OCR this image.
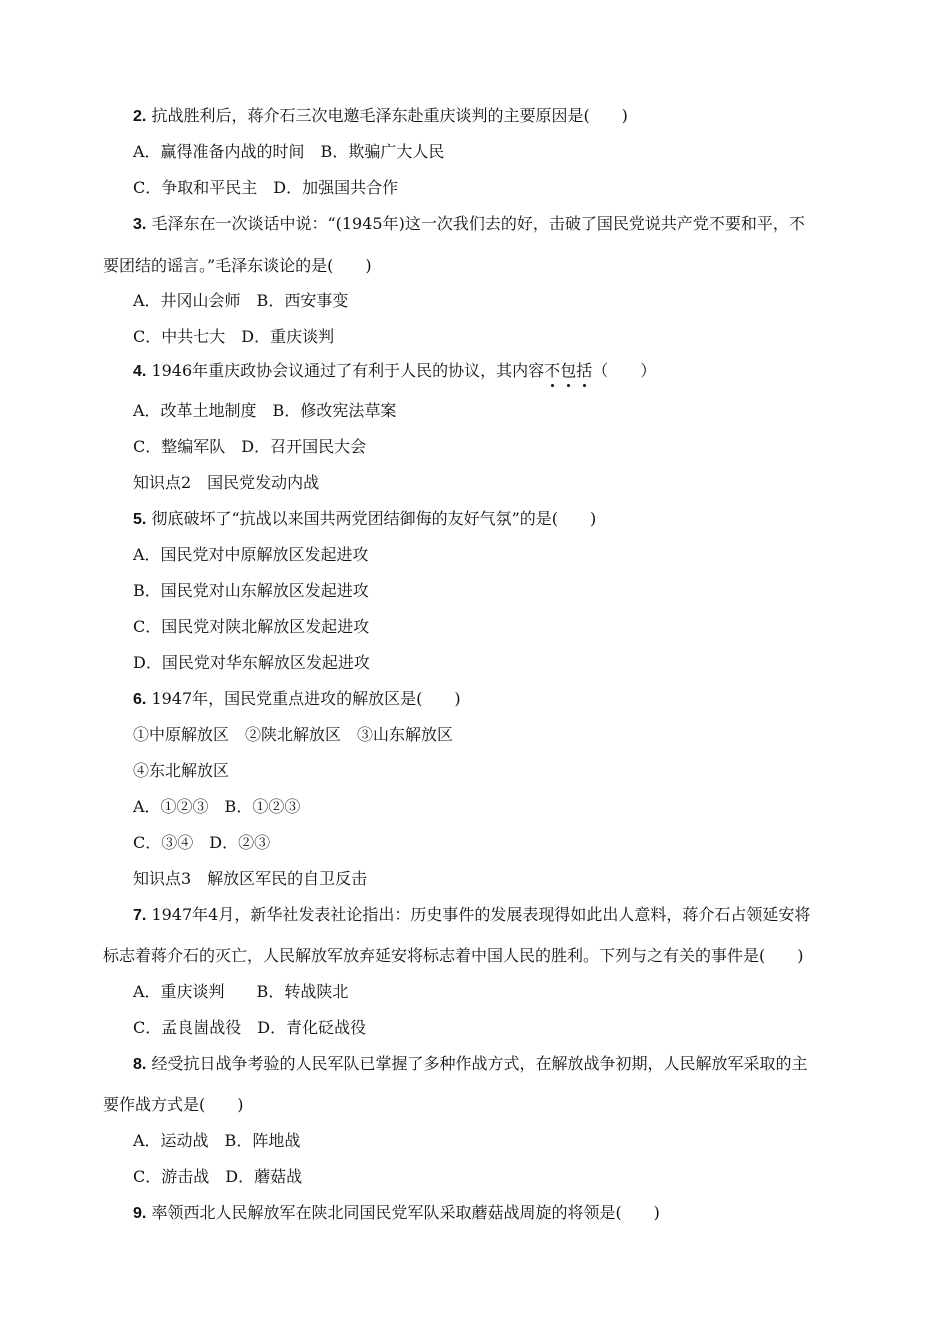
2. 抗战胜利后，蒋介石三次电邀毛泽东赴重庆谈判的主要原因是(　　)
A．赢得准备内战的时间　B．欺骗广大人民
C．争取和平民主　D．加强国共合作
3. 毛泽东在一次谈话中说：“(1945年)这一次我们去的好，击破了国民党说共产党不要和平，不
要团结的谣言。”毛泽东谈论的是(　　)
A．井冈山会师　B．西安事变
C．中共七大　D．重庆谈判
4. 1946年重庆政协会议通过了有利于人民的协议，其内容不
包
括
（　　）
A．改革土地制度　B．修改宪法草案
C．整编军队　D．召开国民大会
知识点2　国民党发动内战
5. 彻底破坏了“抗战以来国共两党团结御侮的友好气氛”的是(　　)
A．国民党对中原解放区发起进攻
B．国民党对山东解放区发起进攻
C．国民党对陕北解放区发起进攻
D．国民党对华东解放区发起进攻
6. 1947年，国民党重点进攻的解放区是(　　)
①中原解放区　②陕北解放区　③山东解放区
④东北解放区
A．①②③　B．①②③
C．③④　D．②③
知识点3　解放区军民的自卫反击
7. 1947年4月，新华社发表社论指出：历史事件的发展表现得如此出人意料，蒋介石占领延安将
标志着蒋介石的灭亡，人民解放军放弃延安将标志着中国人民的胜利。下列与之有关的事件是(　　)
A．重庆谈判　　B．转战陕北
C．孟良崮战役　D．青化砭战役
8. 经受抗日战争考验的人民军队已掌握了多种作战方式，在解放战争初期，人民解放军采取的主
要作战方式是(　　)
A．运动战　B．阵地战
C．游击战　D．蘑菇战
9. 率领西北人民解放军在陕北同国民党军队采取蘑菇战周旋的将领是(　　)
